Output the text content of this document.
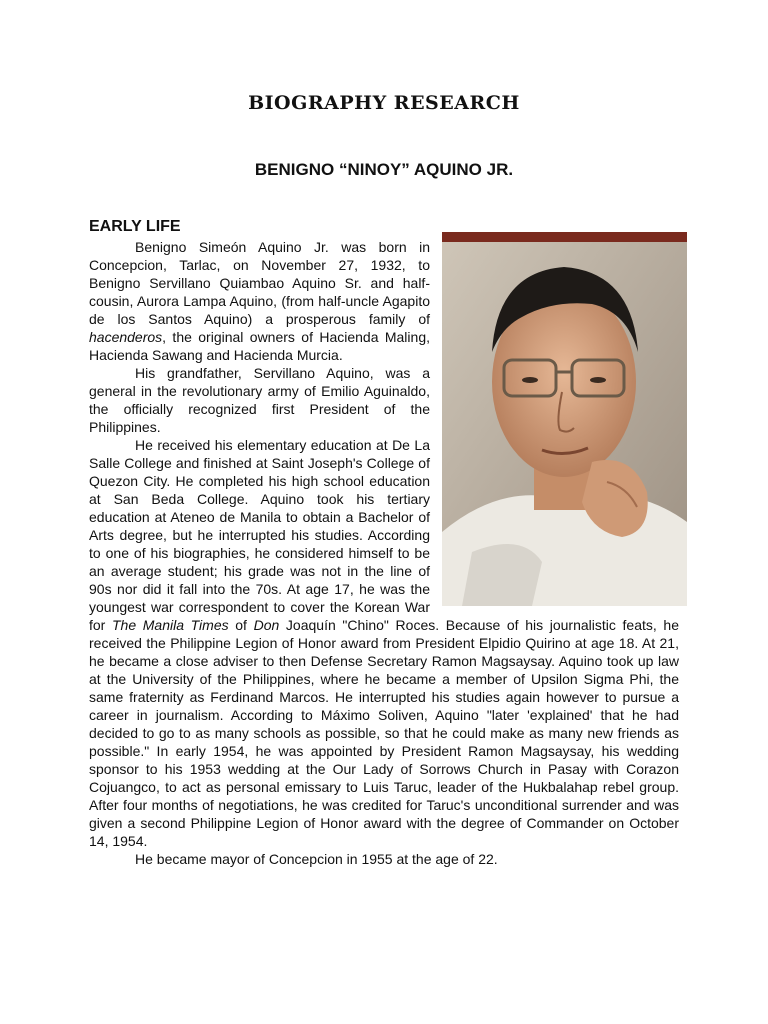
BIOGRAPHY RESEARCH
BENIGNO “NINOY” AQUINO JR.
EARLY LIFE

Benigno Simeón Aquino Jr. was born in Concepcion, Tarlac, on November 27, 1932, to Benigno Servillano Quiambao Aquino Sr. and half-cousin, Aurora Lampa Aquino, (from half-uncle Agapito de los Santos Aquino) a prosperous family of hacenderos, the original owners of Hacienda Maling, Hacienda Sawang and Hacienda Murcia.

His grandfather, Servillano Aquino, was a general in the revolutionary army of Emilio Aguinaldo, the officially recognized first President of the Philippines.

He received his elementary education at De La Salle College and finished at Saint Joseph's College of Quezon City. He completed his high school education at San Beda College. Aquino took his tertiary education at Ateneo de Manila to obtain a Bachelor of Arts degree, but he interrupted his studies. According to one of his biographies, he considered himself to be an average student; his grade was not in the line of 90s nor did it fall into the 70s. At age 17, he was the youngest war correspondent to cover the Korean War for The Manila Times of Don Joaquín "Chino" Roces. Because of his journalistic feats, he received the Philippine Legion of Honor award from President Elpidio Quirino at age 18. At 21, he became a close adviser to then Defense Secretary Ramon Magsaysay. Aquino took up law at the University of the Philippines, where he became a member of Upsilon Sigma Phi, the same fraternity as Ferdinand Marcos. He interrupted his studies again however to pursue a career in journalism. According to Máximo Soliven, Aquino "later 'explained' that he had decided to go to as many schools as possible, so that he could make as many new friends as possible." In early 1954, he was appointed by President Ramon Magsaysay, his wedding sponsor to his 1953 wedding at the Our Lady of Sorrows Church in Pasay with Corazon Cojuangco, to act as personal emissary to Luis Taruc, leader of the Hukbalahap rebel group. After four months of negotiations, he was credited for Taruc's unconditional surrender and was given a second Philippine Legion of Honor award with the degree of Commander on October 14, 1954.

He became mayor of Concepcion in 1955 at the age of 22.
